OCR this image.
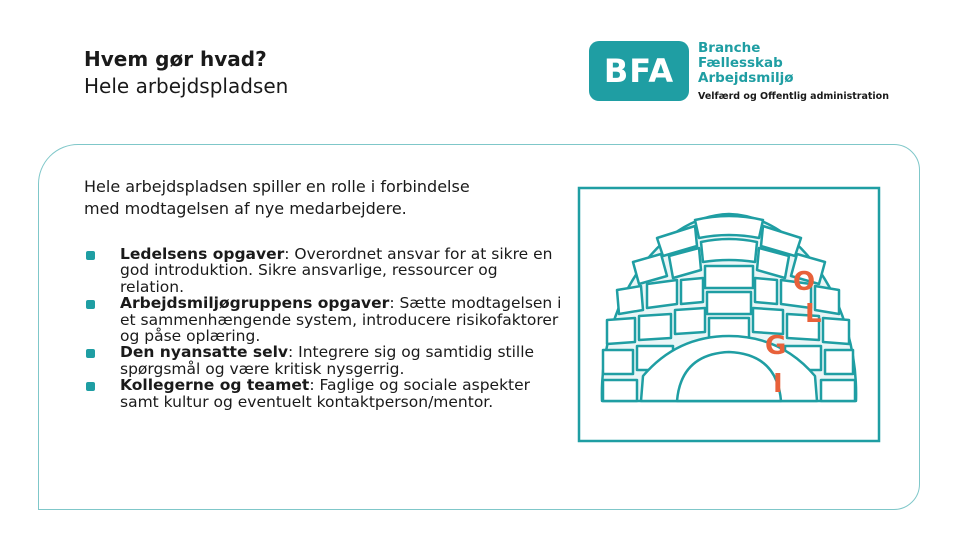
Hvem gør hvad?
Hele arbejdspladsen	BFA
Branche
Fællesskab
Arbejdsmiljø
Velfærd og Offentlig administration
Hele arbejdspladsen spiller en rolle i forbindelse
med modtagelsen af nye medarbejdere.
Ledelsens opgaver: Overordnet ansvar for at sikre en god introduktion. Sikre ansvarlige, ressourcer og relation.
Arbejdsmiljøgruppens opgaver: Sætte modtagelsen i et sammenhængende system, introducere risikofaktorer og påse oplæring.
Den nyansatte selv: Integrere sig og samtidig stille spørgsmål og være kritisk nysgerrig.
Kollegerne og teamet: Faglige og sociale aspekter samt kultur og eventuelt kontaktperson/mentor.
O
L
G
I
